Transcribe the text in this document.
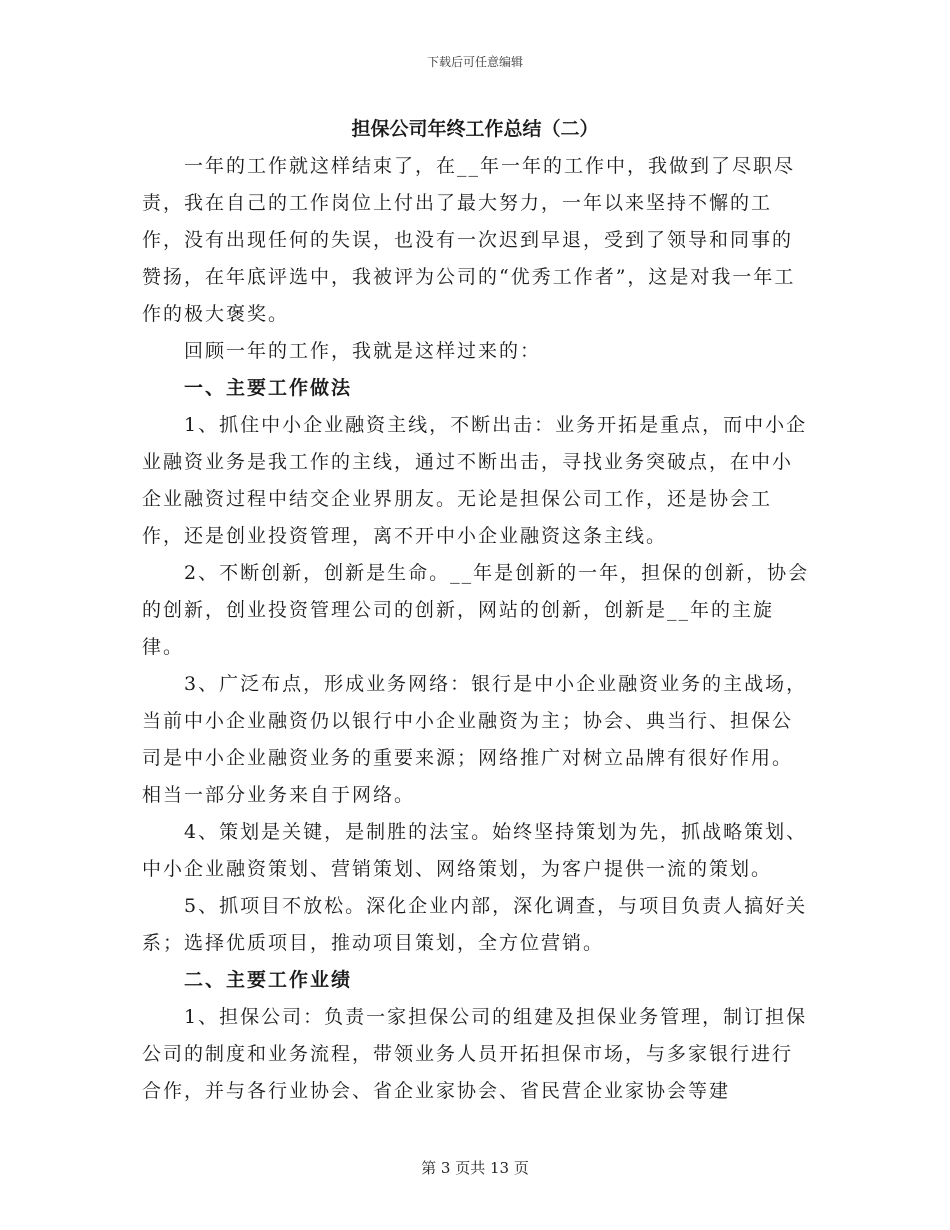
下载后可任意编辑
担保公司年终工作总结（二）

一年的工作就这样结束了，在__年一年的工作中，我做到了尽职尽责，我在自己的工作岗位上付出了最大努力，一年以来坚持不懈的工作，没有出现任何的失误，也没有一次迟到早退，受到了领导和同事的赞扬，在年底评选中，我被评为公司的“优秀工作者”，这是对我一年工作的极大褒奖。

回顾一年的工作，我就是这样过来的：

一、主要工作做法

1、抓住中小企业融资主线，不断出击：业务开拓是重点，而中小企业融资业务是我工作的主线，通过不断出击，寻找业务突破点，在中小企业融资过程中结交企业界朋友。无论是担保公司工作，还是协会工作，还是创业投资管理，离不开中小企业融资这条主线。

2、不断创新，创新是生命。__年是创新的一年，担保的创新，协会的创新，创业投资管理公司的创新，网站的创新，创新是__年的主旋律。

3、广泛布点，形成业务网络：银行是中小企业融资业务的主战场，当前中小企业融资仍以银行中小企业融资为主；协会、典当行、担保公司是中小企业融资业务的重要来源；网络推广对树立品牌有很好作用。相当一部分业务来自于网络。

4、策划是关键，是制胜的法宝。始终坚持策划为先，抓战略策划、中小企业融资策划、营销策划、网络策划，为客户提供一流的策划。

5、抓项目不放松。深化企业内部，深化调查，与项目负责人搞好关系；选择优质项目，推动项目策划，全方位营销。

二、主要工作业绩

1、担保公司：负责一家担保公司的组建及担保业务管理，制订担保公司的制度和业务流程，带领业务人员开拓担保市场，与多家银行进行合作，并与各行业协会、省企业家协会、省民营企业家协会等建

第 3 页共 13 页
